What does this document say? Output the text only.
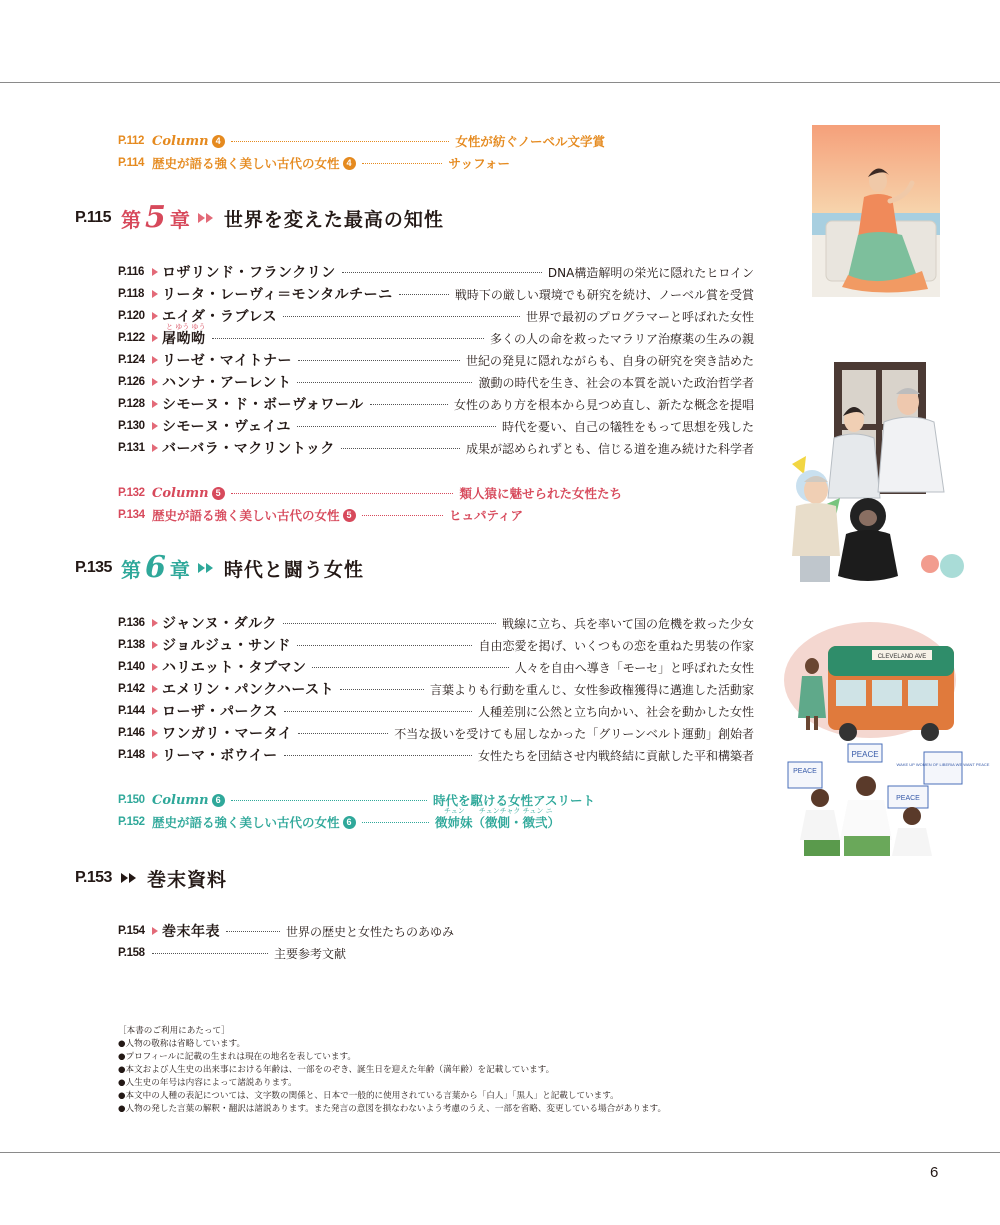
P.112 Column 4	女性が紡ぐノーベル文学賞
P.114 歴史が語る強く美しい古代の女性 4	サッフォー
P.115 第 5 章 世界を変えた最高の知性
P.116	ロザリンド・フランクリン	DNA構造解明の栄光に隠れたヒロイン
P.118	リータ・レーヴィ＝モンタルチーニ	戦時下の厳しい環境でも研究を続け、ノーベル賞を受賞
P.120	エイダ・ラブレス	世界で最初のプログラマーと呼ばれた女性
と ゆう ゆう
P.122	屠呦呦	多くの人の命を救ったマラリア治療薬の生みの親
P.124	リーゼ・マイトナー	世紀の発見に隠れながらも、自身の研究を突き詰めた
P.126	ハンナ・アーレント	激動の時代を生き、社会の本質を説いた政治哲学者
P.128	シモーヌ・ド・ボーヴォワール	女性のあり方を根本から見つめ直し、新たな概念を提唱
P.130	シモーヌ・ヴェイユ	時代を憂い、自己の犠牲をもって思想を残した
P.131	バーバラ・マクリントック	成果が認められずとも、信じる道を進み続けた科学者
P.132 Column 5	類人猿に魅せられた女性たち
P.134 歴史が語る強く美しい古代の女性 5	ヒュパティア
P.135 第 6 章 時代と闘う女性
P.136	ジャンヌ・ダルク	戦線に立ち、兵を率いて国の危機を救った少女
P.138	ジョルジュ・サンド	自由恋愛を掲げ、いくつもの恋を重ねた男装の作家
P.140	ハリエット・タブマン	人々を自由へ導き「モーセ」と呼ばれた女性
P.142	エメリン・パンクハースト	言葉よりも行動を重んじ、女性参政権獲得に邁進した活動家
P.144	ローザ・パークス	人種差別に公然と立ち向かい、社会を動かした女性
P.146	ワンガリ・マータイ	不当な扱いを受けても屈しなかった「グリーンベルト運動」創始者
P.148	リーマ・ボウイー	女性たちを団結させ内戦終結に貢献した平和構築者
P.150 Column 6	時代を駆ける女性アスリート
チュン　　チュンチャク チュン ニ
P.152 歴史が語る強く美しい古代の女性 6	徴姉妹（徴側・徴弐）
P.153	巻末資料
P.154	巻末年表	世界の歴史と女性たちのあゆみ
P.158	主要参考文献
［本書のご利用にあたって］
●人物の敬称は省略しています。
●プロフィールに記載の生まれは現在の地名を表しています。
●本文および人生史の出来事における年齢は、一部をのぞき、誕生日を迎えた年齢（満年齢）を記載しています。
●人生史の年号は内容によって諸説あります。
●本文中の人種の表記については、文字数の関係と、日本で一般的に使用されている言葉から「白人」「黒人」と記載しています。
●人物の発した言葉の解釈・翻訳は諸説あります。また発言の意図を損なわないよう考慮のうえ、一部を省略、変更している場合があります。
CLEVELAND AVE
PEACE
PEACE
PEACE
WAKE UP WOMEN OF LIBERIA WE WANT PEACE
6
